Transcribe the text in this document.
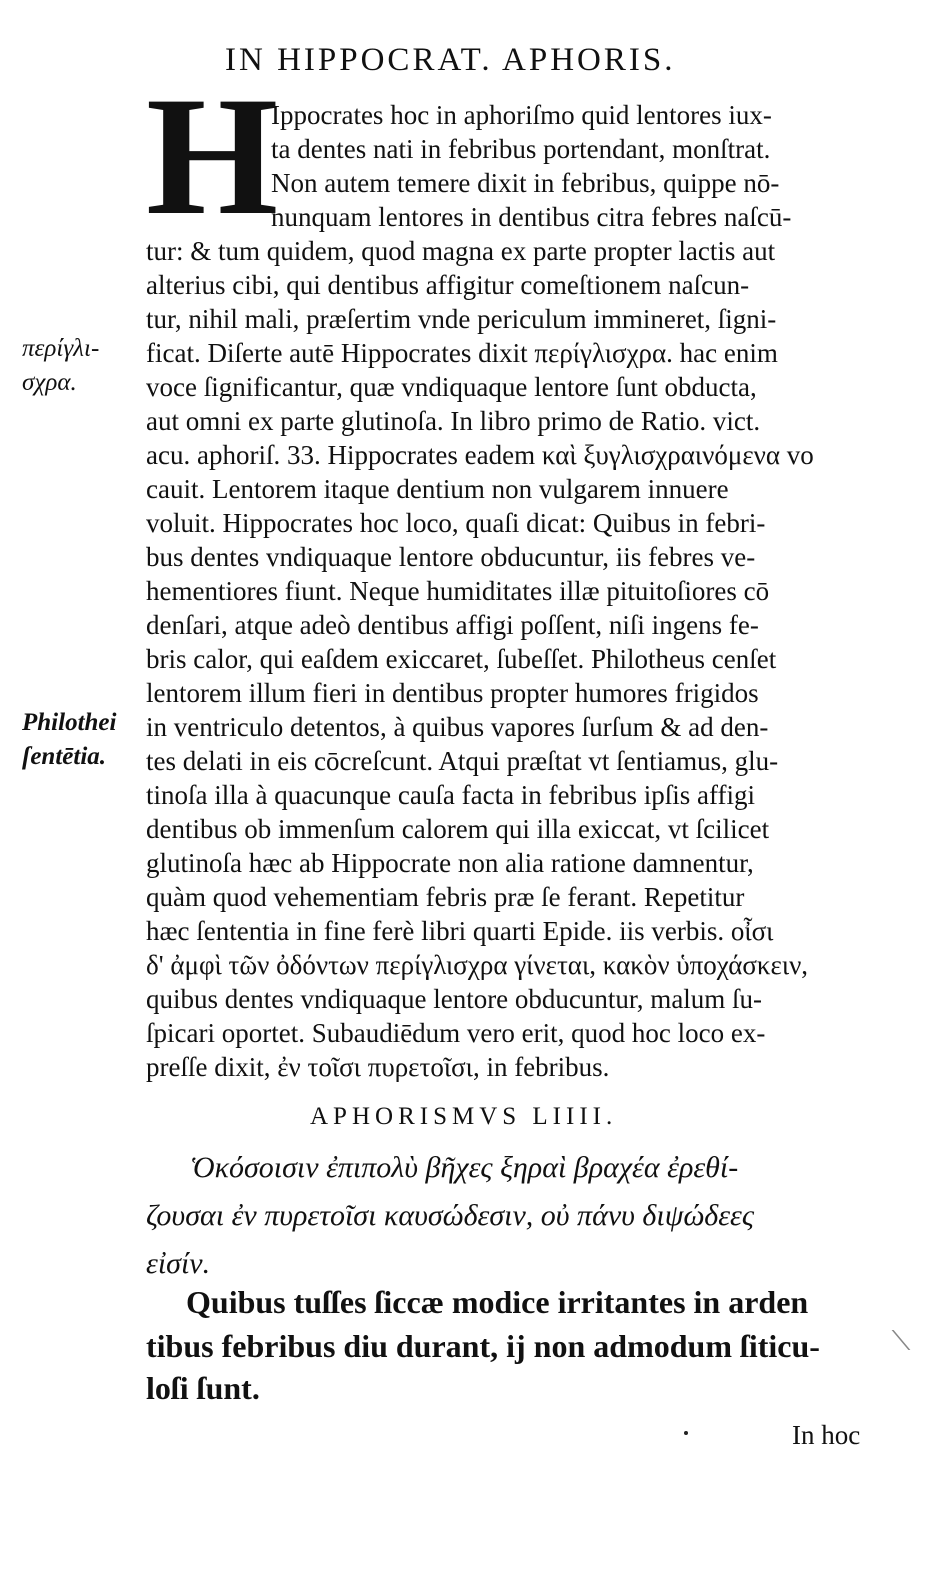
IN HIPPOCRAT. APHORIS.
H
Ippocrates hoc in aphoriſmo quid lentores iux-
ta dentes nati in febribus portendant, monſtrat.
Non autem temere dixit in febribus, quippe nō-
nunquam lentores in dentibus citra febres naſcū-
tur: & tum quidem, quod magna ex parte propter lactis aut
alterius cibi, qui dentibus affigitur comeſtionem naſcun-
tur, nihil mali, præſertim vnde periculum immineret, ſigni-
ficat. Diſerte autē Hippocrates dixit περίγλισχρα. hac enim
voce ſignificantur, quæ vndiquaque lentore ſunt obducta,
aut omni ex parte glutinoſa. In libro primo de Ratio. vict.
acu. aphoriſ. 33. Hippocrates eadem καὶ ξυγλισχραινόμενα vo
cauit. Lentorem itaque dentium non vulgarem innuere
voluit. Hippocrates hoc loco, quaſi dicat: Quibus in febri-
bus dentes vndiquaque lentore obducuntur, iis febres ve-
hementiores fiunt. Neque humiditates illæ pituitoſiores cō
denſari, atque adeò dentibus affigi poſſent, niſi ingens fe-
bris calor, qui eaſdem exiccaret, ſubeſſet. Philotheus cenſet
lentorem illum fieri in dentibus propter humores frigidos
in ventriculo detentos, à quibus vapores ſurſum & ad den-
tes delati in eis cōcreſcunt. Atqui præſtat vt ſentiamus, glu-
tinoſa illa à quacunque cauſa facta in febribus ipſis affigi
dentibus ob immenſum calorem qui illa exiccat, vt ſcilicet
glutinoſa hæc ab Hippocrate non alia ratione damnentur,
quàm quod vehementiam febris præ ſe ferant. Repetitur
hæc ſententia in fine ferè libri quarti Epide. iis verbis. οἶσι
δ' ἀμφὶ τῶν ὀδόντων περίγλισχρα γίνεται, κακὸν ὑποχάσκειν,
quibus dentes vndiquaque lentore obducuntur, malum ſu-
ſpicari oportet. Subaudiēdum vero erit, quod hoc loco ex-
preſſe dixit, ἐν τοῖσι πυρετοῖσι, in febribus.
περίγλι-
σχρα.
Philothei
ſentētia.
APHORISMVS LIIII.
Ὁκόσοισιν ἐπιπολὺ βῆχες ξηραὶ βραχέα ἐρεθί-
ζουσαι ἐν πυρετοῖσι καυσώδεσιν, οὐ πάνυ διψώδεες
εἰσίν.
Quibus tuſſes ſiccæ modice irritantes in arden
tibus febribus diu durant, ij non admodum ſiticu-
loſi ſunt.
In hoc
